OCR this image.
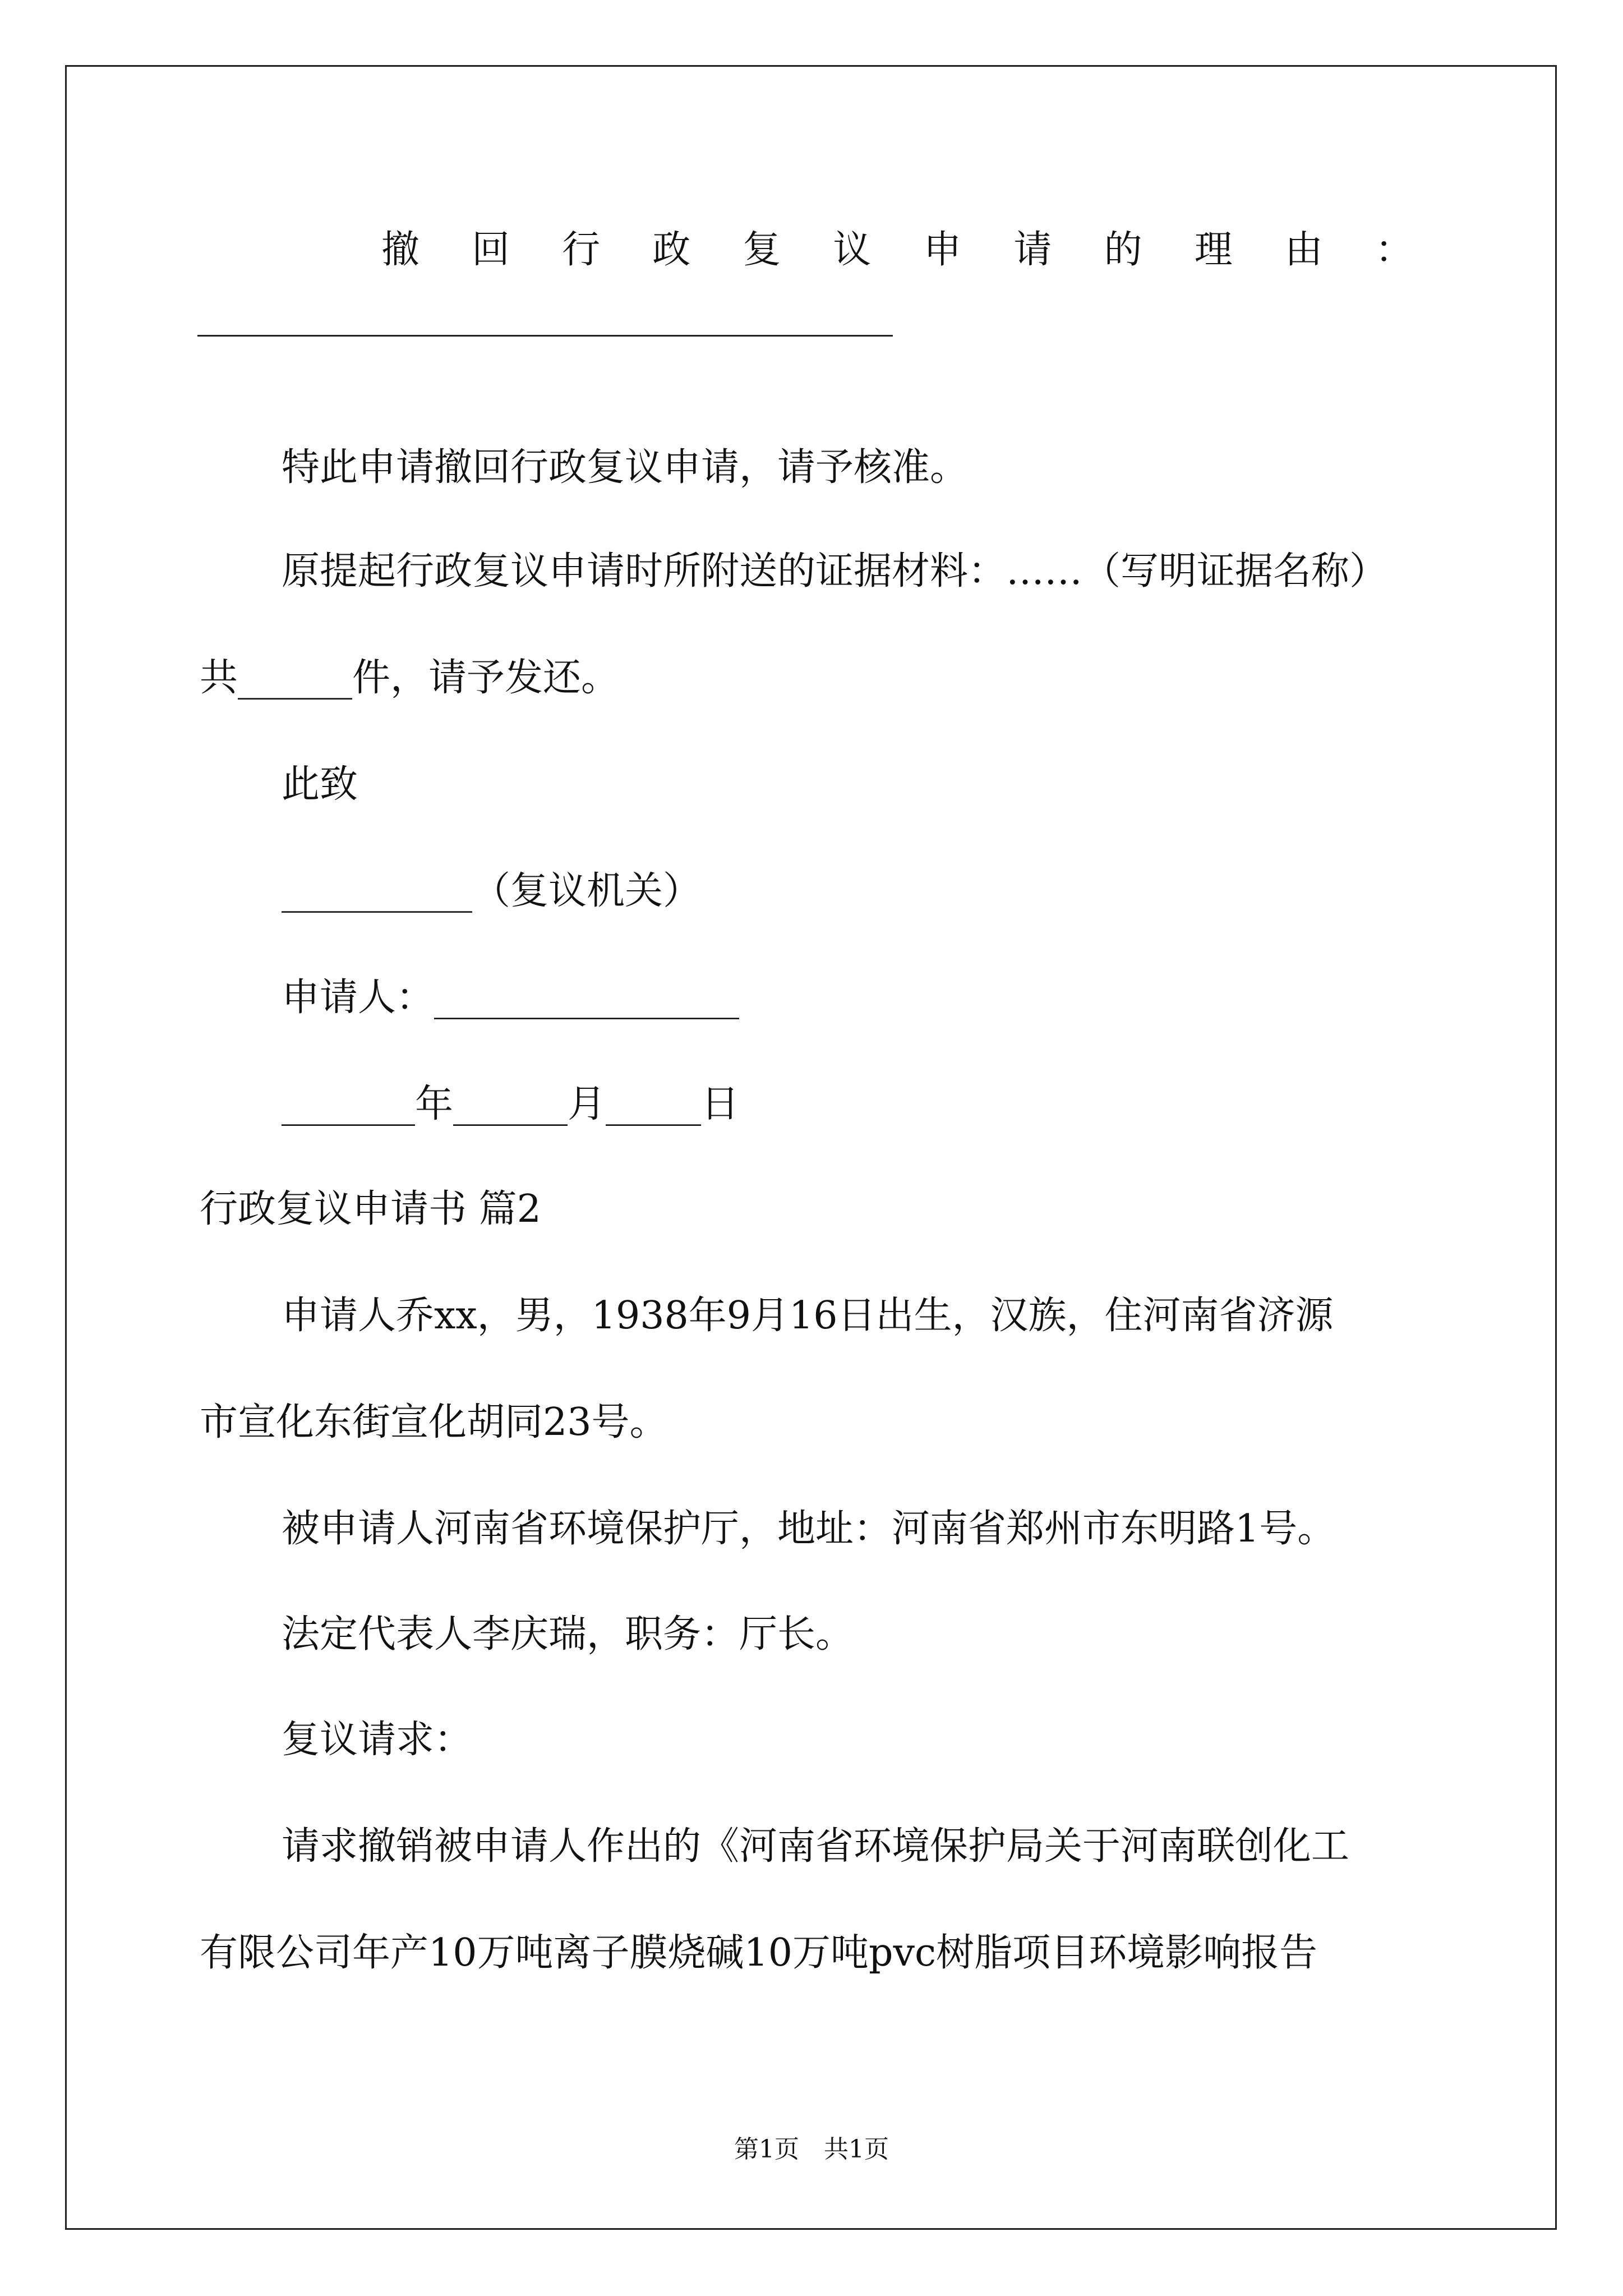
撤 回 行 政 复 议 申 请 的 理 由 ：
特此申请撤回行政复议申请，请予核准。
原提起行政复议申请时所附送的证据材料：……（写明证据名称）
共______件，请予发还。
此致
__________（复议机关）
申请人：________________
_______年______月_____日
行政复议申请书 篇2
申请人乔xx，男，1938年9月16日出生，汉族，住河南省济源
市宣化东街宣化胡同23号。
被申请人河南省环境保护厅，地址：河南省郑州市东明路1号。
法定代表人李庆瑞，职务：厅长。
复议请求：
请求撤销被申请人作出的《河南省环境保护局关于河南联创化工
有限公司年产10万吨离子膜烧碱10万吨pvc树脂项目环境影响报告
第1页　共1页
